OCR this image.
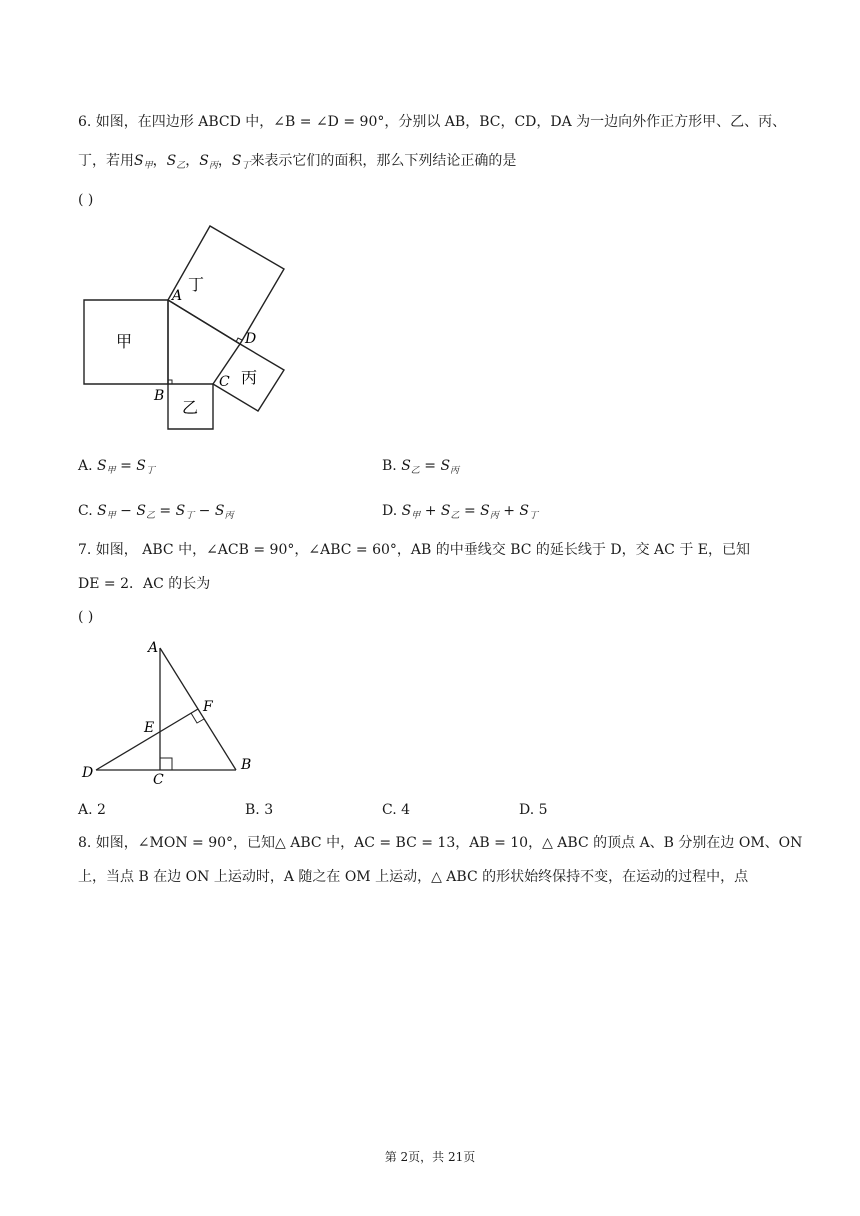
6. 如图，在四边形 ABCD 中，∠B = ∠D = 90°，分别以 AB，BC，CD，DA 为一边向外作正方形甲、乙、丙、
丁，若用$S_甲$，$S_乙$，$S_丙$，$S_丁$来表示它们的面积，那么下列结论正确的是
( )
丁
甲
乙
丙
A
B
C
D
A. $S_甲 = S_丁$	B. $S_乙 = S_丙$
C. $S_甲 - S_乙 = S_丁 - S_丙$	D. $S_甲 + S_乙 = S_丙 + S_丁$
7. 如图， ABC 中，∠ACB = 90°，∠ABC = 60°，AB 的中垂线交 BC 的延长线于 D，交 AC 于 E，已知
DE = 2．AC 的长为
( )
A
B
C
D
E
F
A. 2	B. 3	C. 4	D. 5
8. 如图，∠MON = 90°，已知△ ABC 中，AC = BC = 13，AB = 10，△ ABC 的顶点 A、B 分别在边 OM、ON
上，当点 B 在边 ON 上运动时，A 随之在 OM 上运动，△ ABC 的形状始终保持不变，在运动的过程中，点
第 2页，共 21页
